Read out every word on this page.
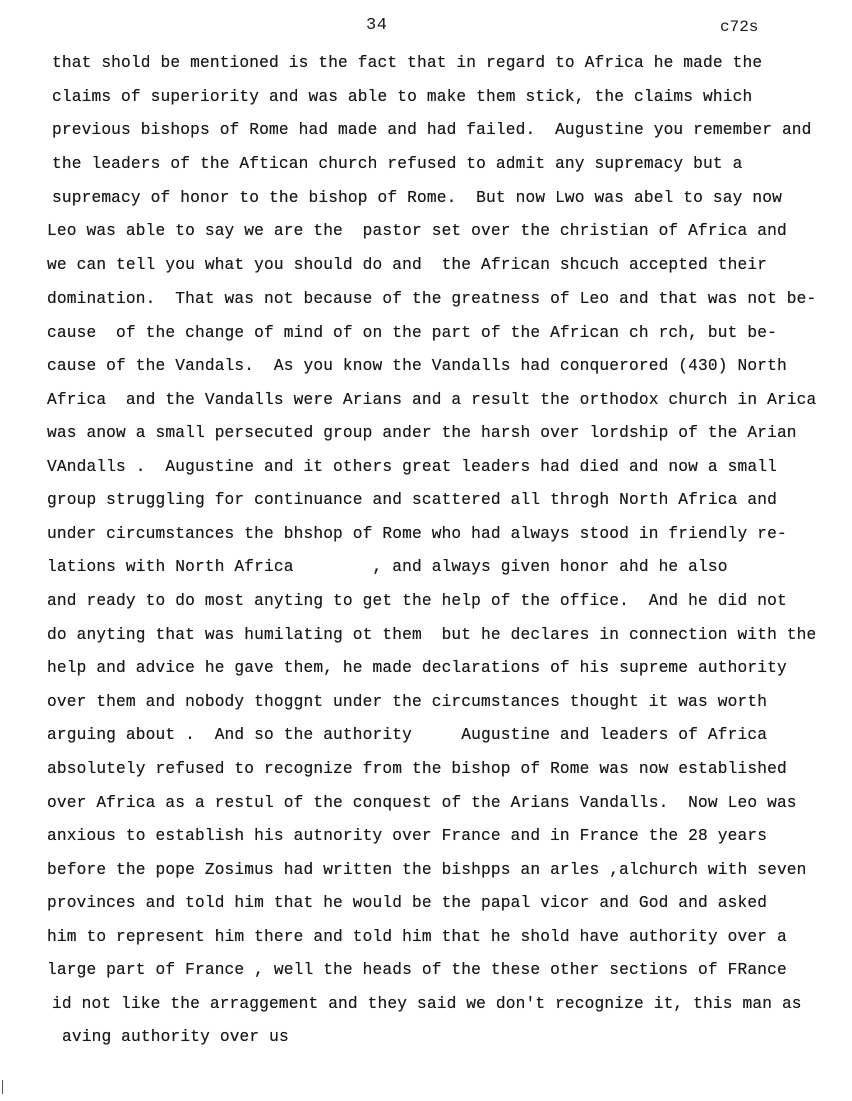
34	c72s
that shold be mentioned is the fact that in regard to Africa he made the
claims of superiority and was able to make them stick, the claims which
previous bishops of Rome had made and had failed.  Augustine you remember and
the leaders of the Aftican church refused to admit any supremacy but a
supremacy of honor to the bishop of Rome.  But now Lwo was abel to say now
Leo was able to say we are the  pastor set over the christian of Africa and
we can tell you what you should do and  the African shcuch accepted their
domination.  That was not because of the greatness of Leo and that was not be-
cause  of the change of mind of on the part of the African ch rch, but be-
cause of the Vandals.  As you know the Vandalls had conquerored (430) North
Africa  and the Vandalls were Arians and a result the orthodox church in Arica
was anow a small persecuted group ander the harsh over lordship of the Arian
VAndalls .  Augustine and it others great leaders had died and now a small
group struggling for continuance and scattered all throgh North Africa and
under circumstances the bhshop of Rome who had always stood in friendly re-
lations with North Africa        , and always given honor ahd he also
and ready to do most anyting to get the help of the office.  And he did not
do anyting that was humilating ot them  but he declares in connection with the
help and advice he gave them, he made declarations of his supreme authority
over them and nobody thoggnt under the circumstances thought it was worth
arguing about .  And so the authority     Augustine and leaders of Africa
absolutely refused to recognize from the bishop of Rome was now established
over Africa as a restul of the conquest of the Arians Vandalls.  Now Leo was
anxious to establish his autnority over France and in France the 28 years
before the pope Zosimus had written the bishpps an arles ,alchurch with seven
provinces and told him that he would be the papal vicor and God and asked
him to represent him there and told him that he shold have authority over a
large part of France , well the heads of the these other sections of FRance
id not like the arraggement and they said we don't recognize it, this man as
aving authority over us
